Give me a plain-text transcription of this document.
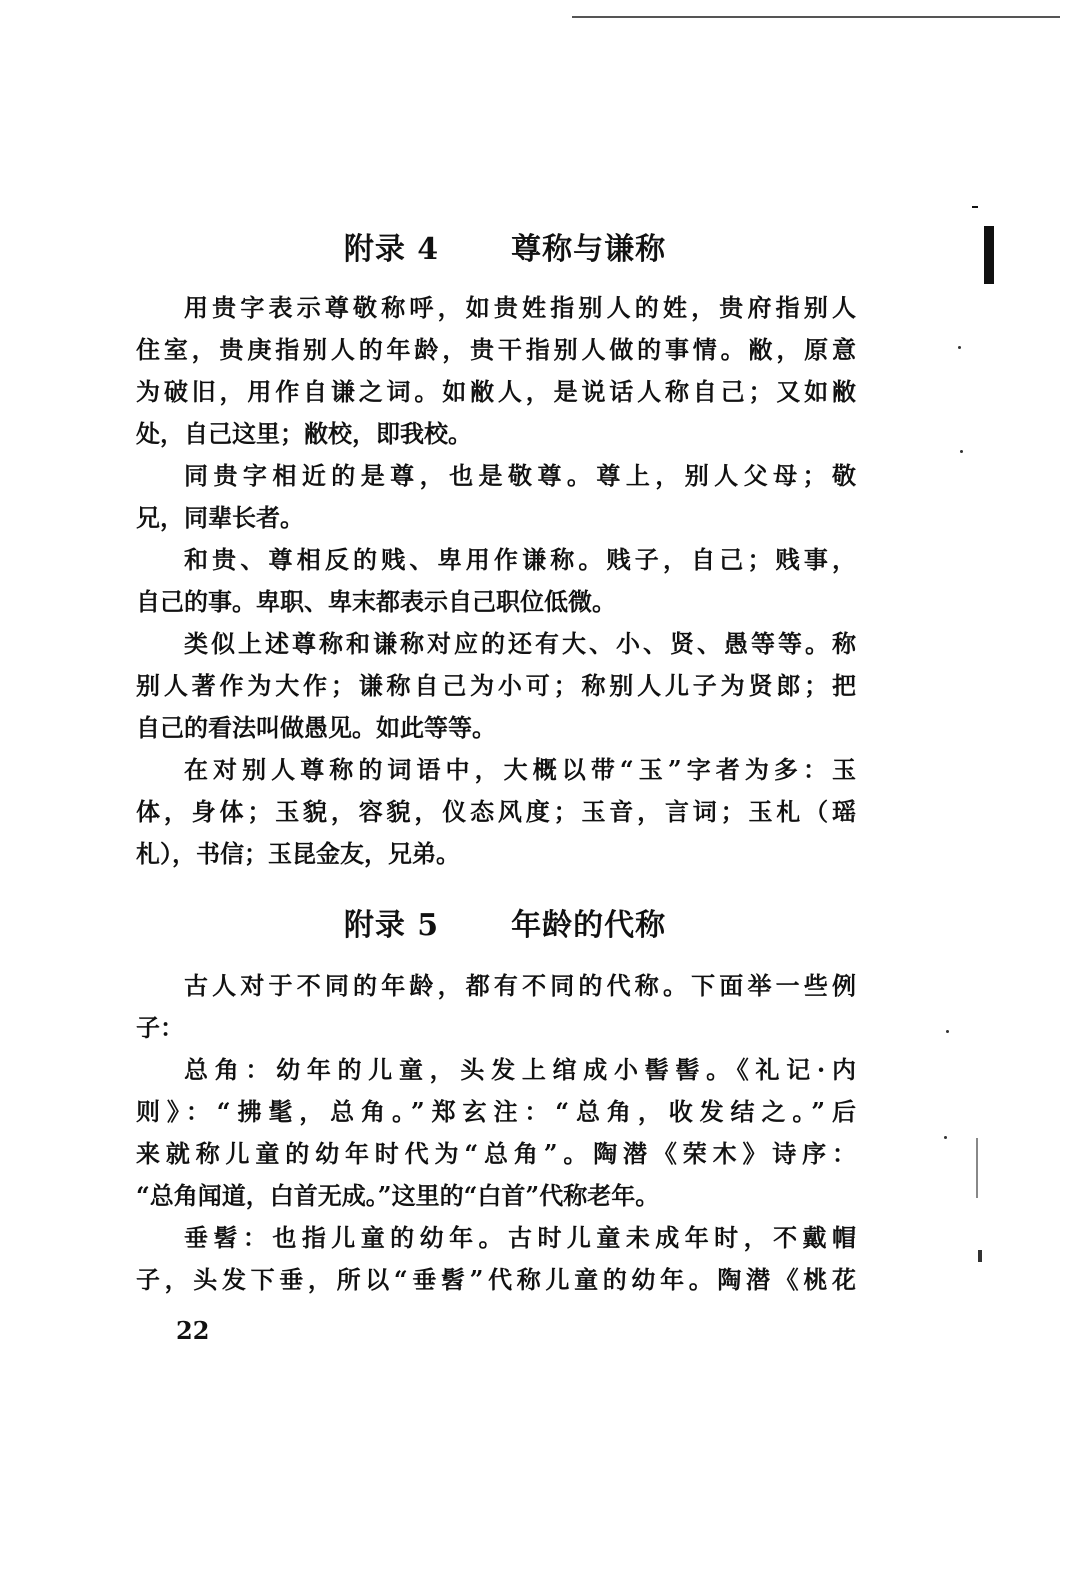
附录 4 尊称与谦称
用贵字表示尊敬称呼，如贵姓指别人的姓，贵府指别人
住室，贵庚指别人的年龄，贵干指别人做的事情。敝，原意
为破旧，用作自谦之词。如敝人，是说话人称自己；又如敝
处，自己这里；敝校，即我校。
同贵字相近的是尊，也是敬尊。尊上，别人父母；敬
兄，同辈长者。
和贵、尊相反的贱、卑用作谦称。贱子，自己；贱事，
自己的事。卑职、卑末都表示自己职位低微。
类似上述尊称和谦称对应的还有大、小、贤、愚等等。称
别人著作为大作；谦称自己为小可；称别人儿子为贤郎；把
自己的看法叫做愚见。如此等等。
在对别人尊称的词语中，大概以带“玉”字者为多：玉
体，身体；玉貌，容貌，仪态风度；玉音，言词；玉札（瑶
札），书信；玉昆金友，兄弟。
附录 5 年龄的代称
古人对于不同的年龄，都有不同的代称。下面举一些例
子：
总角：幼年的儿童，头发上绾成小髻髻。《礼记·内
则》：“拂髦，总角。”郑玄注：“总角，收发结之。”后
来就称儿童的幼年时代为“总角”。陶潜《荣木》诗序：
“总角闻道，白首无成。”这里的“白首”代称老年。
垂髫：也指儿童的幼年。古时儿童未成年时，不戴帽
子，头发下垂，所以“垂髫”代称儿童的幼年。陶潜《桃花
22
